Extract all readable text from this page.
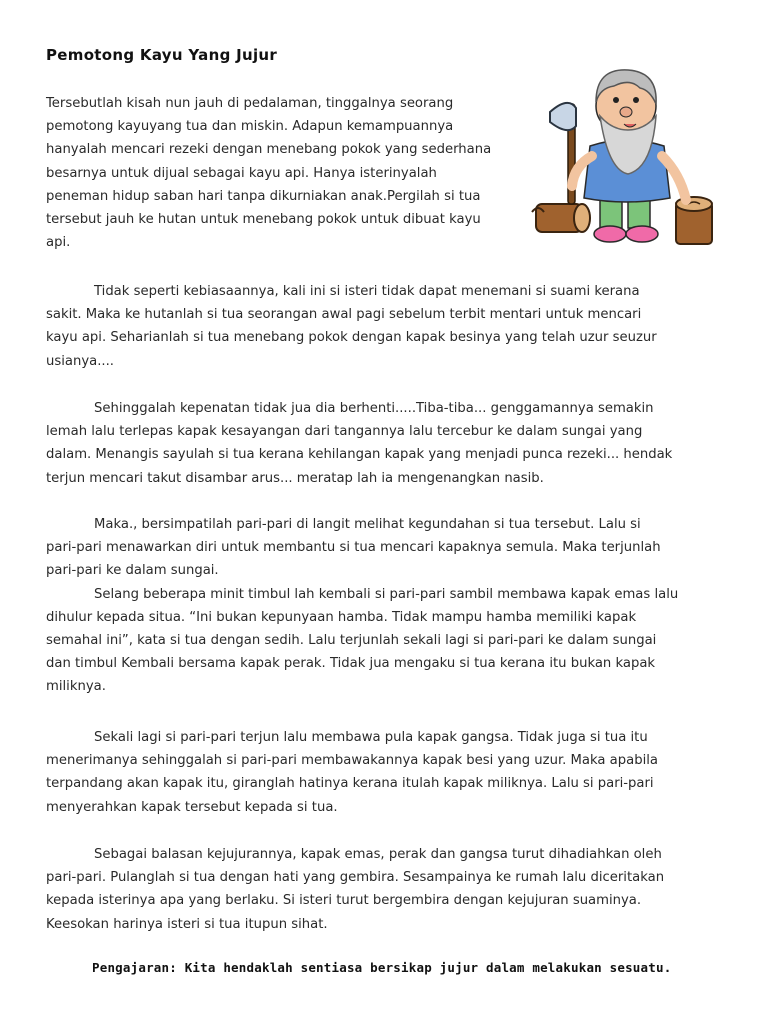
Pemotong Kayu Yang Jujur
Tersebutlah kisah nun jauh di pedalaman, tinggalnya seorang
pemotong kayuyang tua dan miskin. Adapun kemampuannya
hanyalah mencari rezeki dengan menebang pokok yang sederhana
besarnya untuk dijual sebagai kayu api. Hanya isterinyalah
peneman hidup saban hari tanpa dikurniakan anak.Pergilah si tua
tersebut jauh ke hutan untuk menebang pokok untuk dibuat kayu
api.
Tidak seperti kebiasaannya, kali ini si isteri tidak dapat menemani si suami kerana
sakit. Maka ke hutanlah si tua seorangan awal pagi sebelum terbit mentari untuk mencari
kayu api. Seharianlah si tua menebang pokok dengan kapak besinya yang telah uzur seuzur
usianya....
Sehinggalah kepenatan tidak jua dia berhenti.....Tiba-tiba... genggamannya semakin
lemah lalu terlepas kapak kesayangan dari tangannya lalu tercebur ke dalam sungai yang
dalam. Menangis sayulah si tua kerana kehilangan kapak yang menjadi punca rezeki... hendak
terjun mencari takut disambar arus... meratap lah ia mengenangkan nasib.
Maka., bersimpatilah pari-pari di langit melihat kegundahan si tua tersebut. Lalu si
pari-pari menawarkan diri untuk membantu si tua mencari kapaknya semula. Maka terjunlah
pari-pari ke dalam sungai.
Selang beberapa minit timbul lah kembali si pari-pari sambil membawa kapak emas lalu
dihulur kepada situa. “Ini bukan kepunyaan hamba. Tidak mampu hamba memiliki kapak
semahal ini”, kata si tua dengan sedih. Lalu terjunlah sekali lagi si pari-pari ke dalam sungai
dan timbul Kembali bersama kapak perak. Tidak jua mengaku si tua kerana itu bukan kapak
miliknya.
Sekali lagi si pari-pari terjun lalu membawa pula kapak gangsa. Tidak juga si tua itu
menerimanya sehinggalah si pari-pari membawakannya kapak besi yang uzur. Maka apabila
terpandang akan kapak itu, giranglah hatinya kerana itulah kapak miliknya. Lalu si pari-pari
menyerahkan kapak tersebut kepada si tua.
Sebagai balasan kejujurannya, kapak emas, perak dan gangsa turut dihadiahkan oleh
pari-pari. Pulanglah si tua dengan hati yang gembira. Sesampainya ke rumah lalu diceritakan
kepada isterinya apa yang berlaku. Si isteri turut bergembira dengan kejujuran suaminya.
Keesokan harinya isteri si tua itupun sihat.
Pengajaran: Kita hendaklah sentiasa bersikap jujur dalam melakukan sesuatu.
